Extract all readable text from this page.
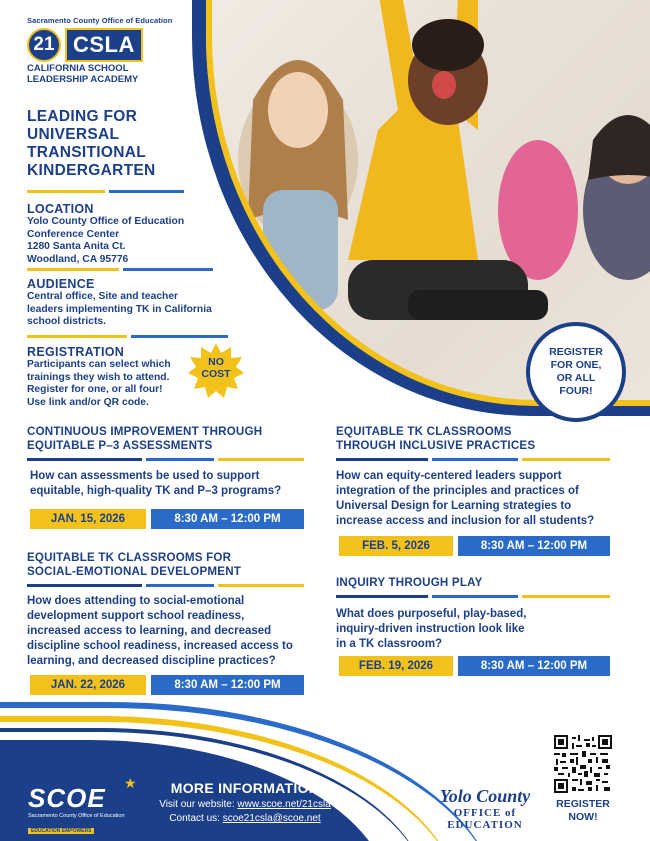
Sacramento County Office of Education
21 CSLA
CALIFORNIA SCHOOL
LEADERSHIP ACADEMY
LEADING FOR UNIVERSAL TRANSITIONAL KINDERGARTEN
LOCATION
Yolo County Office of Education
Conference Center
1280 Santa Anita Ct.
Woodland, CA 95776
AUDIENCE
Central office, Site and teacher
leaders implementing TK in California
school districts.
REGISTRATION
Participants can select which
trainings they wish to attend.
Register for one, or all four!
Use link and/or QR code.
NO
COST
REGISTER
FOR ONE,
OR ALL
FOUR!
CONTINUOUS IMPROVEMENT THROUGH
EQUITABLE P–3 ASSESSMENTS
How can assessments be used to support
equitable, high-quality TK and P–3 programs?
JAN. 15, 2026	8:30 AM – 12:00 PM
EQUITABLE TK CLASSROOMS FOR
SOCIAL-EMOTIONAL DEVELOPMENT
How does attending to social-emotional
development support school readiness,
increased access to learning, and decreased
discipline school readiness, increased access to
learning, and decreased discipline practices?
JAN. 22, 2026	8:30 AM – 12:00 PM
EQUITABLE TK CLASSROOMS
THROUGH INCLUSIVE PRACTICES
How can equity-centered leaders support
integration of the principles and practices of
Universal Design for Learning strategies to
increase access and inclusion for all students?
FEB. 5, 2026	8:30 AM – 12:00 PM
INQUIRY THROUGH PLAY
What does purposeful, play-based,
inquiry-driven instruction look like
in a TK classroom?
FEB. 19, 2026	8:30 AM – 12:00 PM
★
SCOE
Sacramento County Office of Education
EDUCATION EMPOWERS
MORE INFORMATION
Visit our website: www.scoe.net/21csla
Contact us: scoe21csla@scoe.net
Yolo County
OFFICE of
EDUCATION
REGISTER
NOW!
